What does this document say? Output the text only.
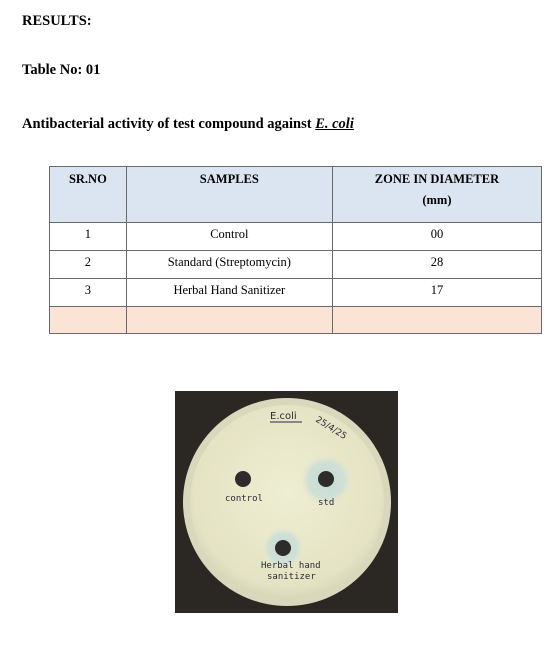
RESULTS:
Table No: 01
Antibacterial activity of test compound against E. coli
SR.NO	SAMPLES	ZONE IN DIAMETER
(mm)

1	Control	00

2	Standard (Streptomycin)	28

3	Herbal Hand Sanitizer	17

E.coli 25/4/25
control	std
Herbal hand
sanitizer
